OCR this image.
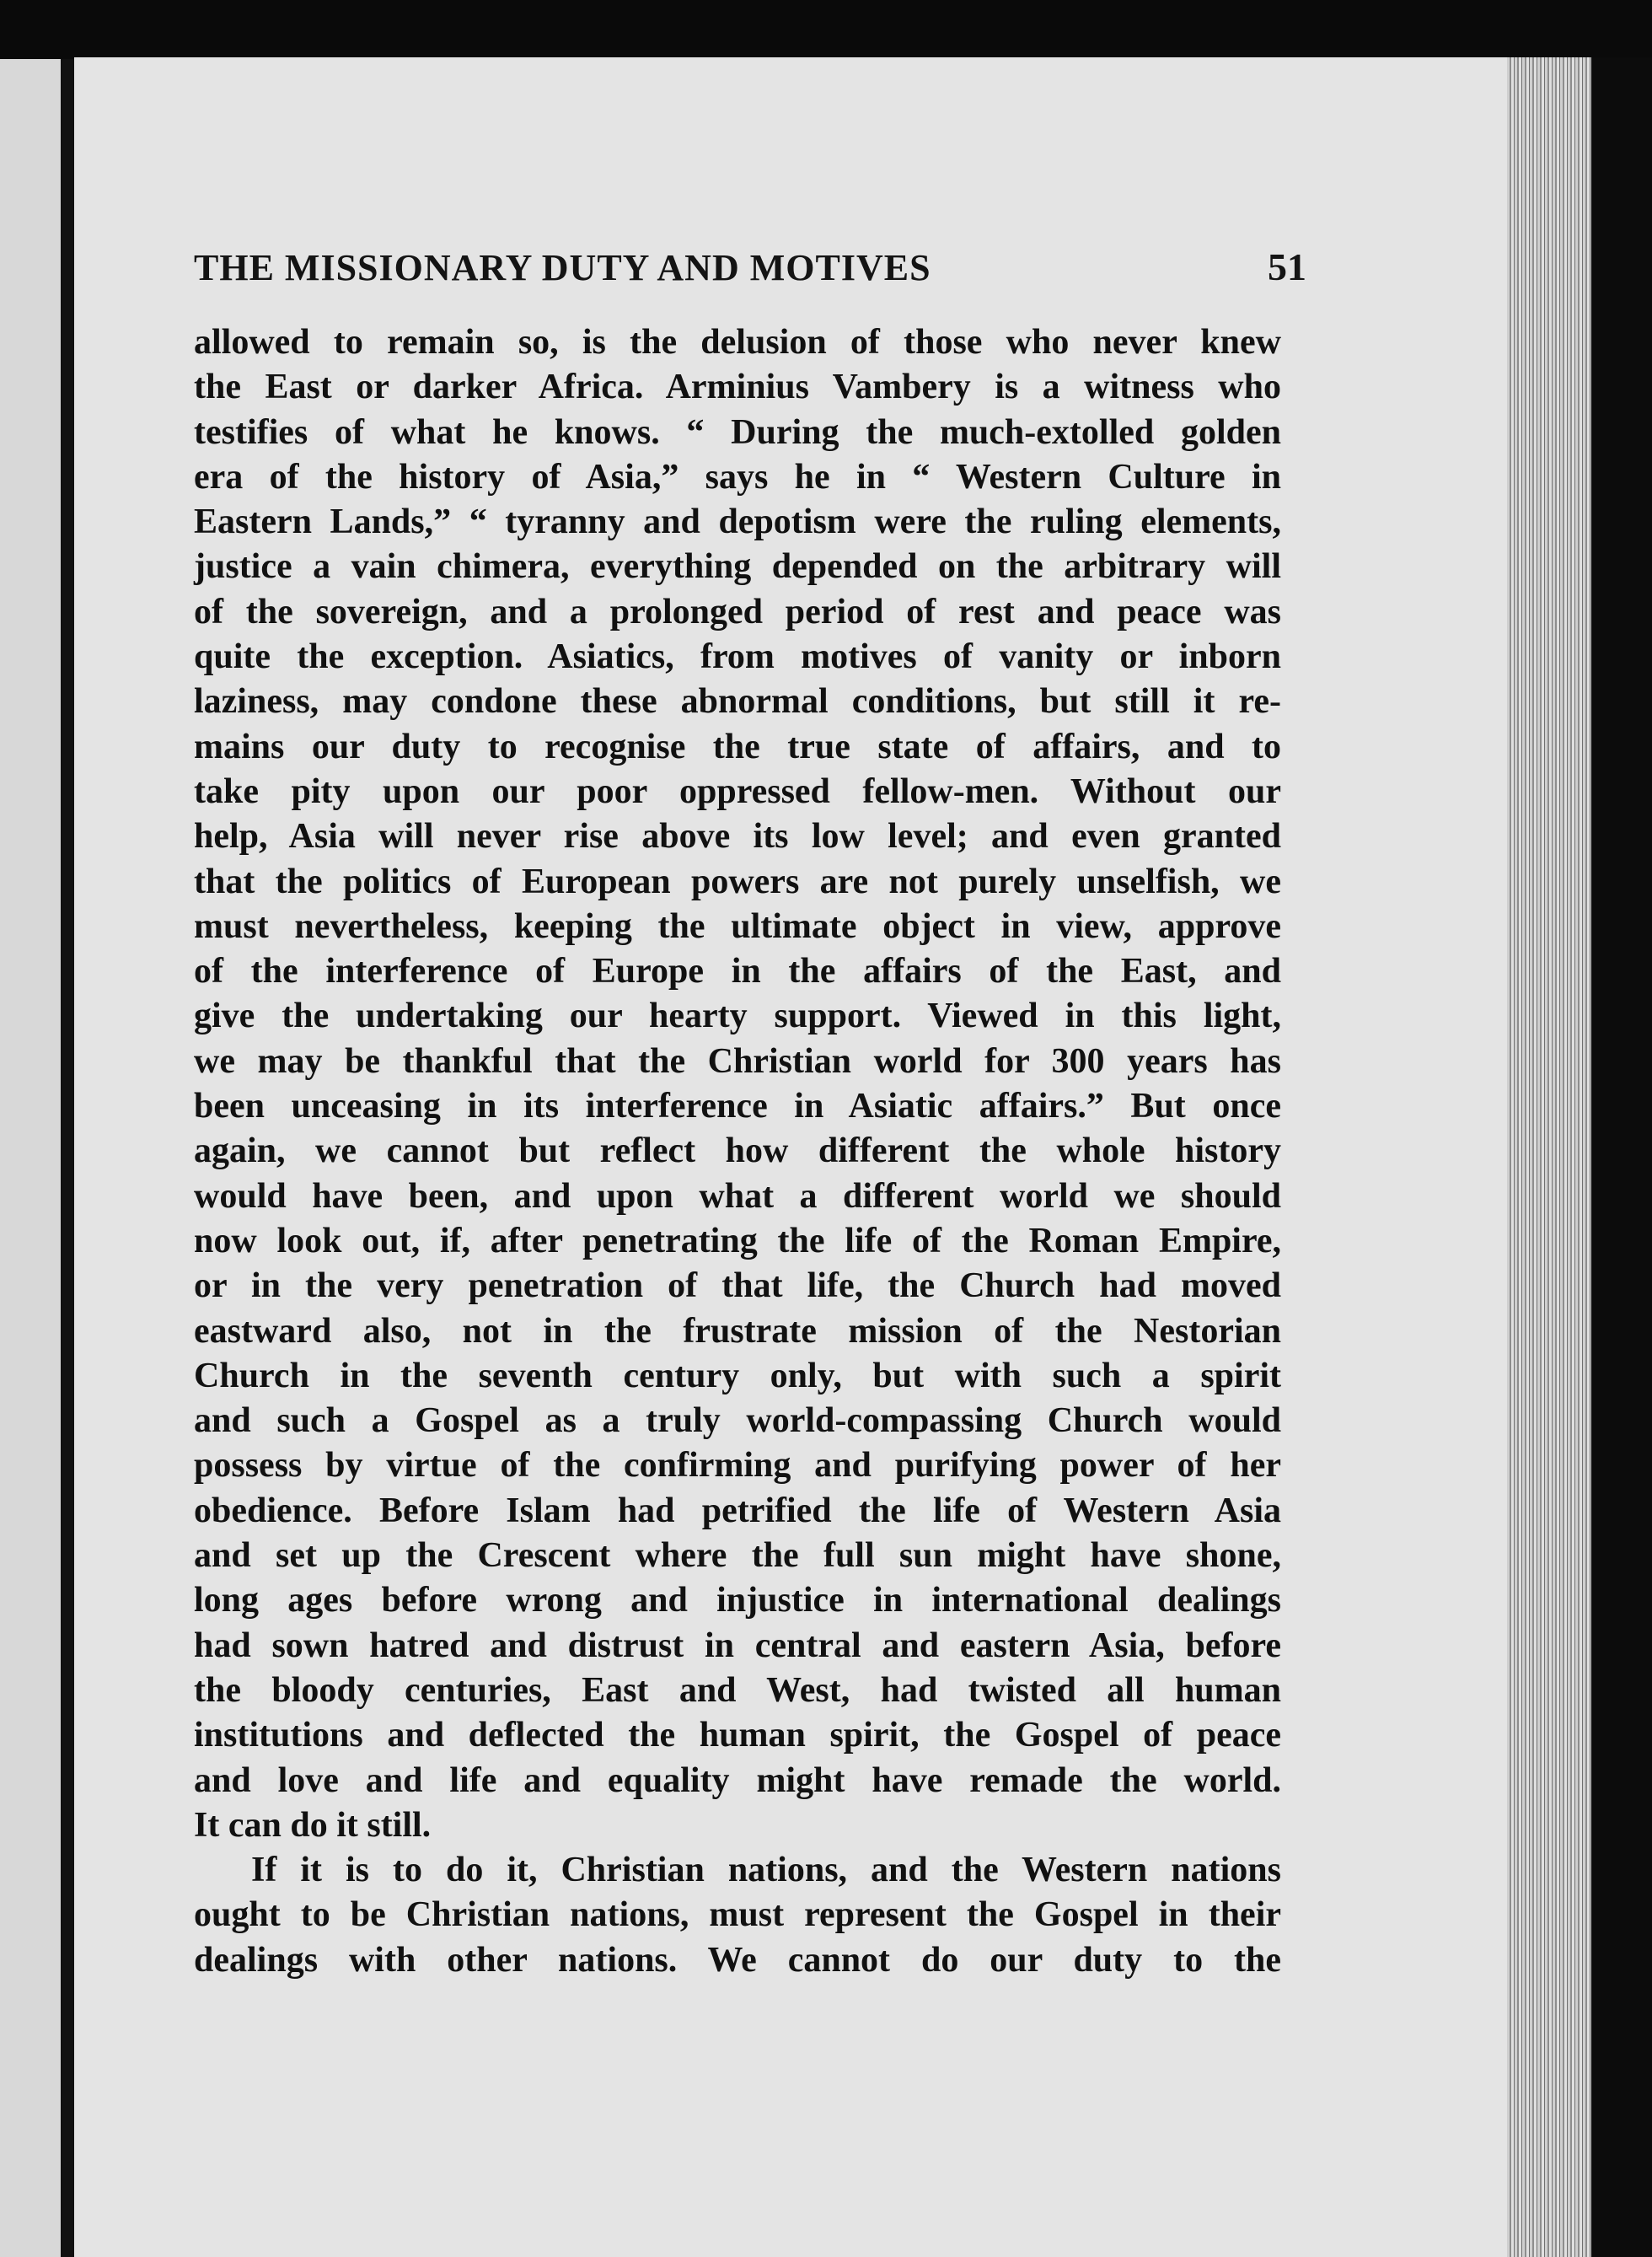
THE MISSIONARY DUTY AND MOTIVES	51
allowed to remain so, is the delusion of those who never knew
the East or darker Africa. Arminius Vambery is a witness who
testifies of what he knows. “ During the much-extolled golden
era of the history of Asia,” says he in “ Western Culture in
Eastern Lands,” “ tyranny and depotism were the ruling elements,
justice a vain chimera, everything depended on the arbitrary will
of the sovereign, and a prolonged period of rest and peace was
quite the exception. Asiatics, from motives of vanity or inborn
laziness, may condone these abnormal conditions, but still it re-
mains our duty to recognise the true state of affairs, and to
take pity upon our poor oppressed fellow-men. Without our
help, Asia will never rise above its low level; and even granted
that the politics of European powers are not purely unselfish, we
must nevertheless, keeping the ultimate object in view, approve
of the interference of Europe in the affairs of the East, and
give the undertaking our hearty support. Viewed in this light,
we may be thankful that the Christian world for 300 years has
been unceasing in its interference in Asiatic affairs.” But once
again, we cannot but reflect how different the whole history
would have been, and upon what a different world we should
now look out, if, after penetrating the life of the Roman Empire,
or in the very penetration of that life, the Church had moved
eastward also, not in the frustrate mission of the Nestorian
Church in the seventh century only, but with such a spirit
and such a Gospel as a truly world-compassing Church would
possess by virtue of the confirming and purifying power of her
obedience. Before Islam had petrified the life of Western Asia
and set up the Crescent where the full sun might have shone,
long ages before wrong and injustice in international dealings
had sown hatred and distrust in central and eastern Asia, before
the bloody centuries, East and West, had twisted all human
institutions and deflected the human spirit, the Gospel of peace
and love and life and equality might have remade the world.
It can do it still.
If it is to do it, Christian nations, and the Western nations
ought to be Christian nations, must represent the Gospel in their
dealings with other nations. We cannot do our duty to the
